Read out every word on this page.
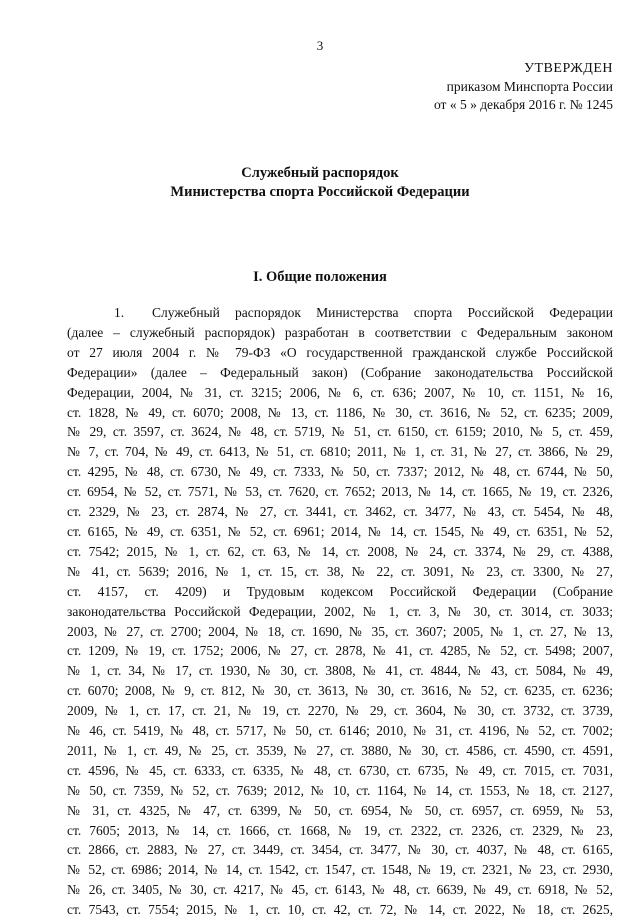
3
УТВЕРЖДЕН
приказом Минспорта России
от « 5 » декабря 2016 г. № 1245
Служебный распорядок
Министерства спорта Российской Федерации
I. Общие положения
1. Служебный распорядок Министерства спорта Российской Федерации
(далее – служебный распорядок) разработан в соответствии с Федеральным законом
от 27 июля 2004 г. № 79-ФЗ «О государственной гражданской службе Российской
Федерации» (далее – Федеральный закон) (Собрание законодательства Российской
Федерации, 2004, № 31, ст. 3215; 2006, № 6, ст. 636; 2007, № 10, ст. 1151, № 16,
ст. 1828, № 49, ст. 6070; 2008, № 13, ст. 1186, № 30, ст. 3616, № 52, ст. 6235; 2009,
№ 29, ст. 3597, ст. 3624, № 48, ст. 5719, № 51, ст. 6150, ст. 6159; 2010, № 5, ст. 459,
№ 7, ст. 704, № 49, ст. 6413, № 51, ст. 6810; 2011, № 1, ст. 31, № 27, ст. 3866, № 29,
ст. 4295, № 48, ст. 6730, № 49, ст. 7333, № 50, ст. 7337; 2012, № 48, ст. 6744, № 50,
ст. 6954, № 52, ст. 7571, № 53, ст. 7620, ст. 7652; 2013, № 14, ст. 1665, № 19, ст. 2326,
ст. 2329, № 23, ст. 2874, № 27, ст. 3441, ст. 3462, ст. 3477, № 43, ст. 5454, № 48,
ст. 6165, № 49, ст. 6351, № 52, ст. 6961; 2014, № 14, ст. 1545, № 49, ст. 6351, № 52,
ст. 7542; 2015, № 1, ст. 62, ст. 63, № 14, ст. 2008, № 24, ст. 3374, № 29, ст. 4388,
№ 41, ст. 5639; 2016, № 1, ст. 15, ст. 38, № 22, ст. 3091, № 23, ст. 3300, № 27,
ст. 4157, ст. 4209) и Трудовым кодексом Российской Федерации (Собрание
законодательства Российской Федерации, 2002, № 1, ст. 3, № 30, ст. 3014, ст. 3033;
2003, № 27, ст. 2700; 2004, № 18, ст. 1690, № 35, ст. 3607; 2005, № 1, ст. 27, № 13,
ст. 1209, № 19, ст. 1752; 2006, № 27, ст. 2878, № 41, ст. 4285, № 52, ст. 5498; 2007,
№ 1, ст. 34, № 17, ст. 1930, № 30, ст. 3808, № 41, ст. 4844, № 43, ст. 5084, № 49,
ст. 6070; 2008, № 9, ст. 812, № 30, ст. 3613, № 30, ст. 3616, № 52, ст. 6235, ст. 6236;
2009, № 1, ст. 17, ст. 21, № 19, ст. 2270, № 29, ст. 3604, № 30, ст. 3732, ст. 3739,
№ 46, ст. 5419, № 48, ст. 5717, № 50, ст. 6146; 2010, № 31, ст. 4196, № 52, ст. 7002;
2011, № 1, ст. 49, № 25, ст. 3539, № 27, ст. 3880, № 30, ст. 4586, ст. 4590, ст. 4591,
ст. 4596, № 45, ст. 6333, ст. 6335, № 48, ст. 6730, ст. 6735, № 49, ст. 7015, ст. 7031,
№ 50, ст. 7359, № 52, ст. 7639; 2012, № 10, ст. 1164, № 14, ст. 1553, № 18, ст. 2127,
№ 31, ст. 4325, № 47, ст. 6399, № 50, ст. 6954, № 50, ст. 6957, ст. 6959, № 53,
ст. 7605; 2013, № 14, ст. 1666, ст. 1668, № 19, ст. 2322, ст. 2326, ст. 2329, № 23,
ст. 2866, ст. 2883, № 27, ст. 3449, ст. 3454, ст. 3477, № 30, ст. 4037, № 48, ст. 6165,
№ 52, ст. 6986; 2014, № 14, ст. 1542, ст. 1547, ст. 1548, № 19, ст. 2321, № 23, ст. 2930,
№ 26, ст. 3405, № 30, ст. 4217, № 45, ст. 6143, № 48, ст. 6639, № 49, ст. 6918, № 52,
ст. 7543, ст. 7554; 2015, № 1, ст. 10, ст. 42, ст. 72, № 14, ст. 2022, № 18, ст. 2625,
